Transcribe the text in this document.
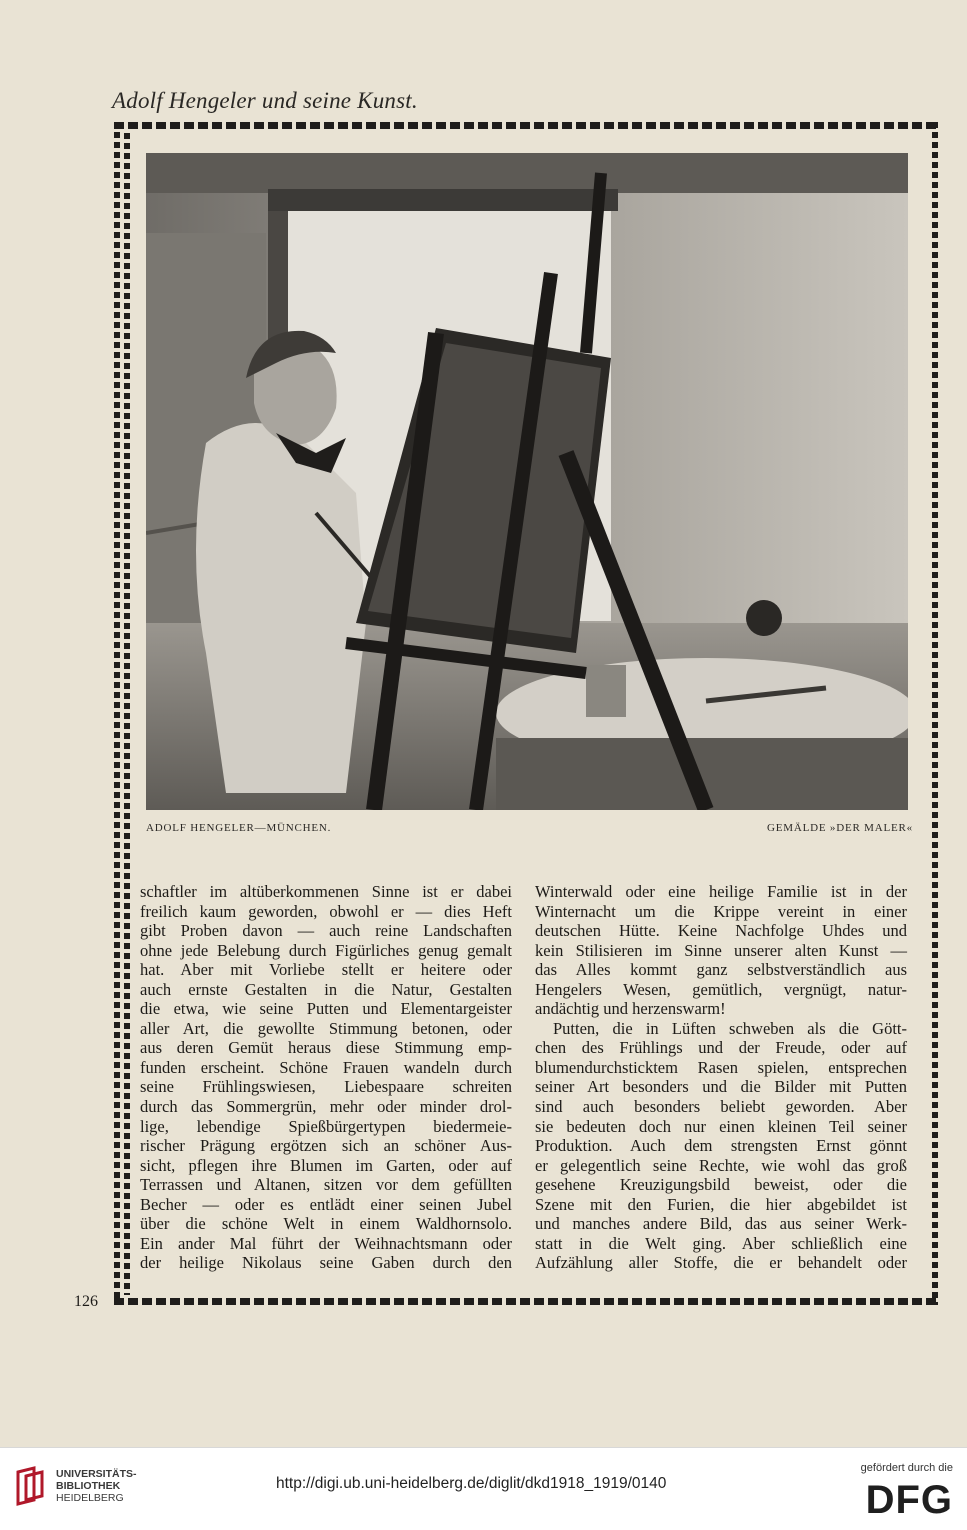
Adolf Hengeler und seine Kunst.
ADOLF HENGELER—MÜNCHEN.	GEMÄLDE »DER MALER«
schaftler im altüberkommenen Sinne ist er dabei
freilich kaum geworden, obwohl er — dies Heft
gibt Proben davon — auch reine Landschaften
ohne jede Belebung durch Figürliches genug gemalt
hat. Aber mit Vorliebe stellt er heitere oder
auch ernste Gestalten in die Natur, Gestalten
die etwa, wie seine Putten und Elementargeister
aller Art, die gewollte Stimmung betonen, oder
aus deren Gemüt heraus diese Stimmung emp-
funden erscheint. Schöne Frauen wandeln durch
seine Frühlingswiesen, Liebespaare schreiten
durch das Sommergrün, mehr oder minder drol-
lige, lebendige Spießbürgertypen biedermeie-
rischer Prägung ergötzen sich an schöner Aus-
sicht, pflegen ihre Blumen im Garten, oder auf
Terrassen und Altanen, sitzen vor dem gefüllten
Becher — oder es entlädt einer seinen Jubel
über die schöne Welt in einem Waldhornsolo.
Ein ander Mal führt der Weihnachtsmann oder
der heilige Nikolaus seine Gaben durch den
Winterwald oder eine heilige Familie ist in der
Winternacht um die Krippe vereint in einer
deutschen Hütte. Keine Nachfolge Uhdes und
kein Stilisieren im Sinne unserer alten Kunst —
das Alles kommt ganz selbstverständlich aus
Hengelers Wesen, gemütlich, vergnügt, natur-
andächtig und herzenswarm!
Putten, die in Lüften schweben als die Gött-
chen des Frühlings und der Freude, oder auf
blumendurchsticktem Rasen spielen, entsprechen
seiner Art besonders und die Bilder mit Putten
sind auch besonders beliebt geworden. Aber
sie bedeuten doch nur einen kleinen Teil seiner
Produktion. Auch dem strengsten Ernst gönnt
er gelegentlich seine Rechte, wie wohl das groß
gesehene Kreuzigungsbild beweist, oder die
Szene mit den Furien, die hier abgebildet ist
und manches andere Bild, das aus seiner Werk-
statt in die Welt ging. Aber schließlich eine
Aufzählung aller Stoffe, die er behandelt oder
126
UNIVERSITÄTS-
BIBLIOTHEK
HEIDELBERG
http://digi.ub.uni-heidelberg.de/diglit/dkd1918_1919/0140
gefördert durch die
DFG
